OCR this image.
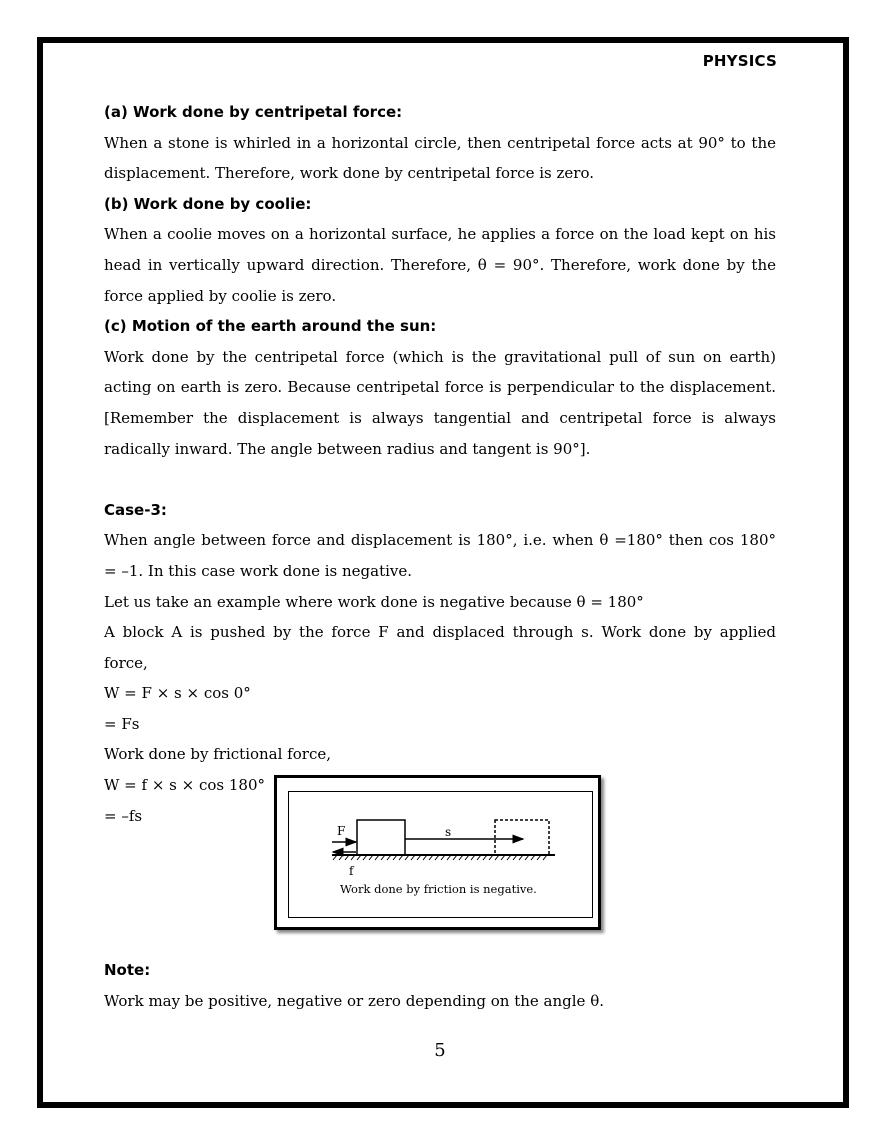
PHYSICS

(a) Work done by centripetal force:

When a stone is whirled in a horizontal circle, then centripetal force acts at 90° to the displacement. Therefore, work done by centripetal force is zero.

(b) Work done by coolie:

When a coolie moves on a horizontal surface, he applies a force on the load kept on his head in vertically upward direction. Therefore, θ = 90°. Therefore, work done by the force applied by coolie is zero.

(c) Motion of the earth around the sun:

Work done by the centripetal force (which is the gravitational pull of sun on earth) acting on earth is zero. Because centripetal force is perpendicular to the displacement. [Remember the displacement is always tangential and centripetal force is always radically inward. The angle between radius and tangent is 90°].

Case-3:

When angle between force and displacement is 180°, i.e. when θ =180° then cos 180° = –1. In this case work done is negative.

Let us take an example where work done is negative because θ = 180°

A block A is pushed by the force F and displaced through s. Work done by applied force,

W = F × s × cos 0°

= Fs

Work done by frictional force,

W = f × s × cos 180°

= –fs

F	s
f
Work done by friction is negative.

Note:

Work may be positive, negative or zero depending on the angle θ.

5
